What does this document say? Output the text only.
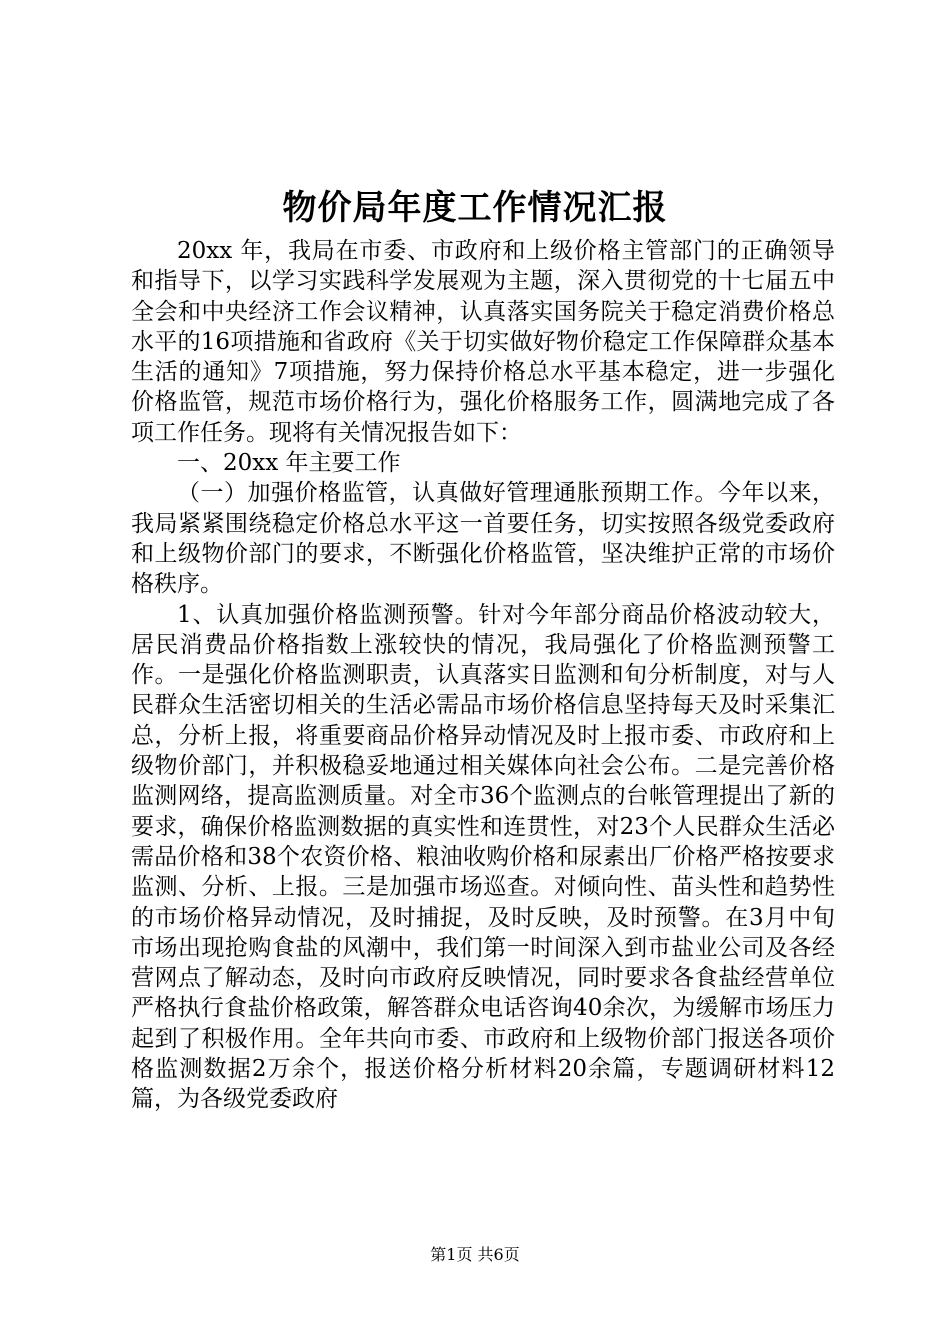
物价局年度工作情况汇报

20xx 年，我局在市委、市政府和上级价格主管部门的正确领导和指导下，以学习实践科学发展观为主题，深入贯彻党的十七届五中全会和中央经济工作会议精神，认真落实国务院关于稳定消费价格总水平的16项措施和省政府《关于切实做好物价稳定工作保障群众基本生活的通知》7项措施，努力保持价格总水平基本稳定，进一步强化价格监管，规范市场价格行为，强化价格服务工作，圆满地完成了各项工作任务。现将有关情况报告如下：

一、20xx 年主要工作

（一）加强价格监管，认真做好管理通胀预期工作。今年以来，我局紧紧围绕稳定价格总水平这一首要任务，切实按照各级党委政府和上级物价部门的要求，不断强化价格监管，坚决维护正常的市场价格秩序。

1、认真加强价格监测预警。针对今年部分商品价格波动较大，居民消费品价格指数上涨较快的情况，我局强化了价格监测预警工作。一是强化价格监测职责，认真落实日监测和旬分析制度，对与人民群众生活密切相关的生活必需品市场价格信息坚持每天及时采集汇总，分析上报，将重要商品价格异动情况及时上报市委、市政府和上级物价部门，并积极稳妥地通过相关媒体向社会公布。二是完善价格监测网络，提高监测质量。对全市36个监测点的台帐管理提出了新的要求，确保价格监测数据的真实性和连贯性，对23个人民群众生活必需品价格和38个农资价格、粮油收购价格和尿素出厂价格严格按要求监测、分析、上报。三是加强市场巡查。对倾向性、苗头性和趋势性的市场价格异动情况，及时捕捉，及时反映，及时预警。在3月中旬市场出现抢购食盐的风潮中，我们第一时间深入到市盐业公司及各经营网点了解动态，及时向市政府反映情况，同时要求各食盐经营单位严格执行食盐价格政策，解答群众电话咨询40余次，为缓解市场压力起到了积极作用。全年共向市委、市政府和上级物价部门报送各项价格监测数据2万余个，报送价格分析材料20余篇，专题调研材料12篇，为各级党委政府

第1页 共6页
